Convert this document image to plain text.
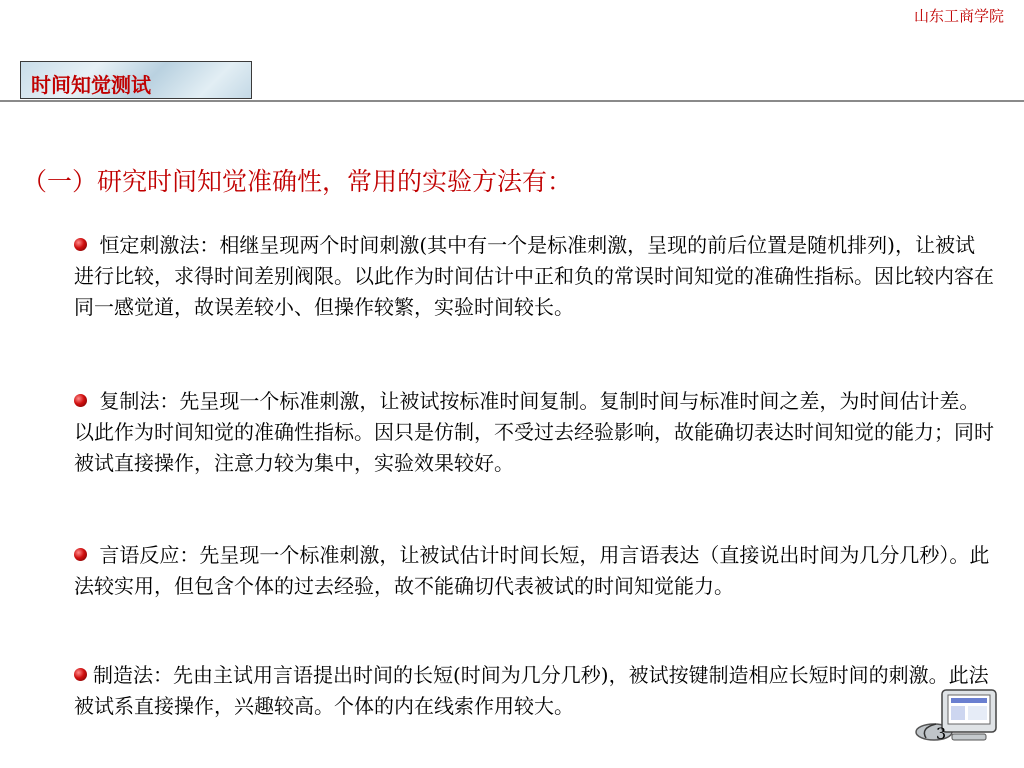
山东工商学院
时间知觉测试
（一）研究时间知觉准确性，常用的实验方法有：
恒定刺激法：相继呈现两个时间刺激(其中有一个是标准刺激，呈现的前后位置是随机排列)，让被试进行比较，求得时间差别阀限。以此作为时间估计中正和负的常误时间知觉的准确性指标。因比较内容在同一感觉道，故误差较小、但操作较繁，实验时间较长。
复制法：先呈现一个标准刺激，让被试按标准时间复制。复制时间与标准时间之差，为时间估计差。以此作为时间知觉的准确性指标。因只是仿制，不受过去经验影响，故能确切表达时间知觉的能力；同时被试直接操作，注意力较为集中，实验效果较好。
言语反应：先呈现一个标准刺激，让被试估计时间长短，用言语表达（直接说出时间为几分几秒）。此法较实用，但包含个体的过去经验，故不能确切代表被试的时间知觉能力。
制造法：先由主试用言语提出时间的长短(时间为几分几秒)，被试按键制造相应长短时间的刺激。此法被试系直接操作，兴趣较高。个体的内在线索作用较大。
3
